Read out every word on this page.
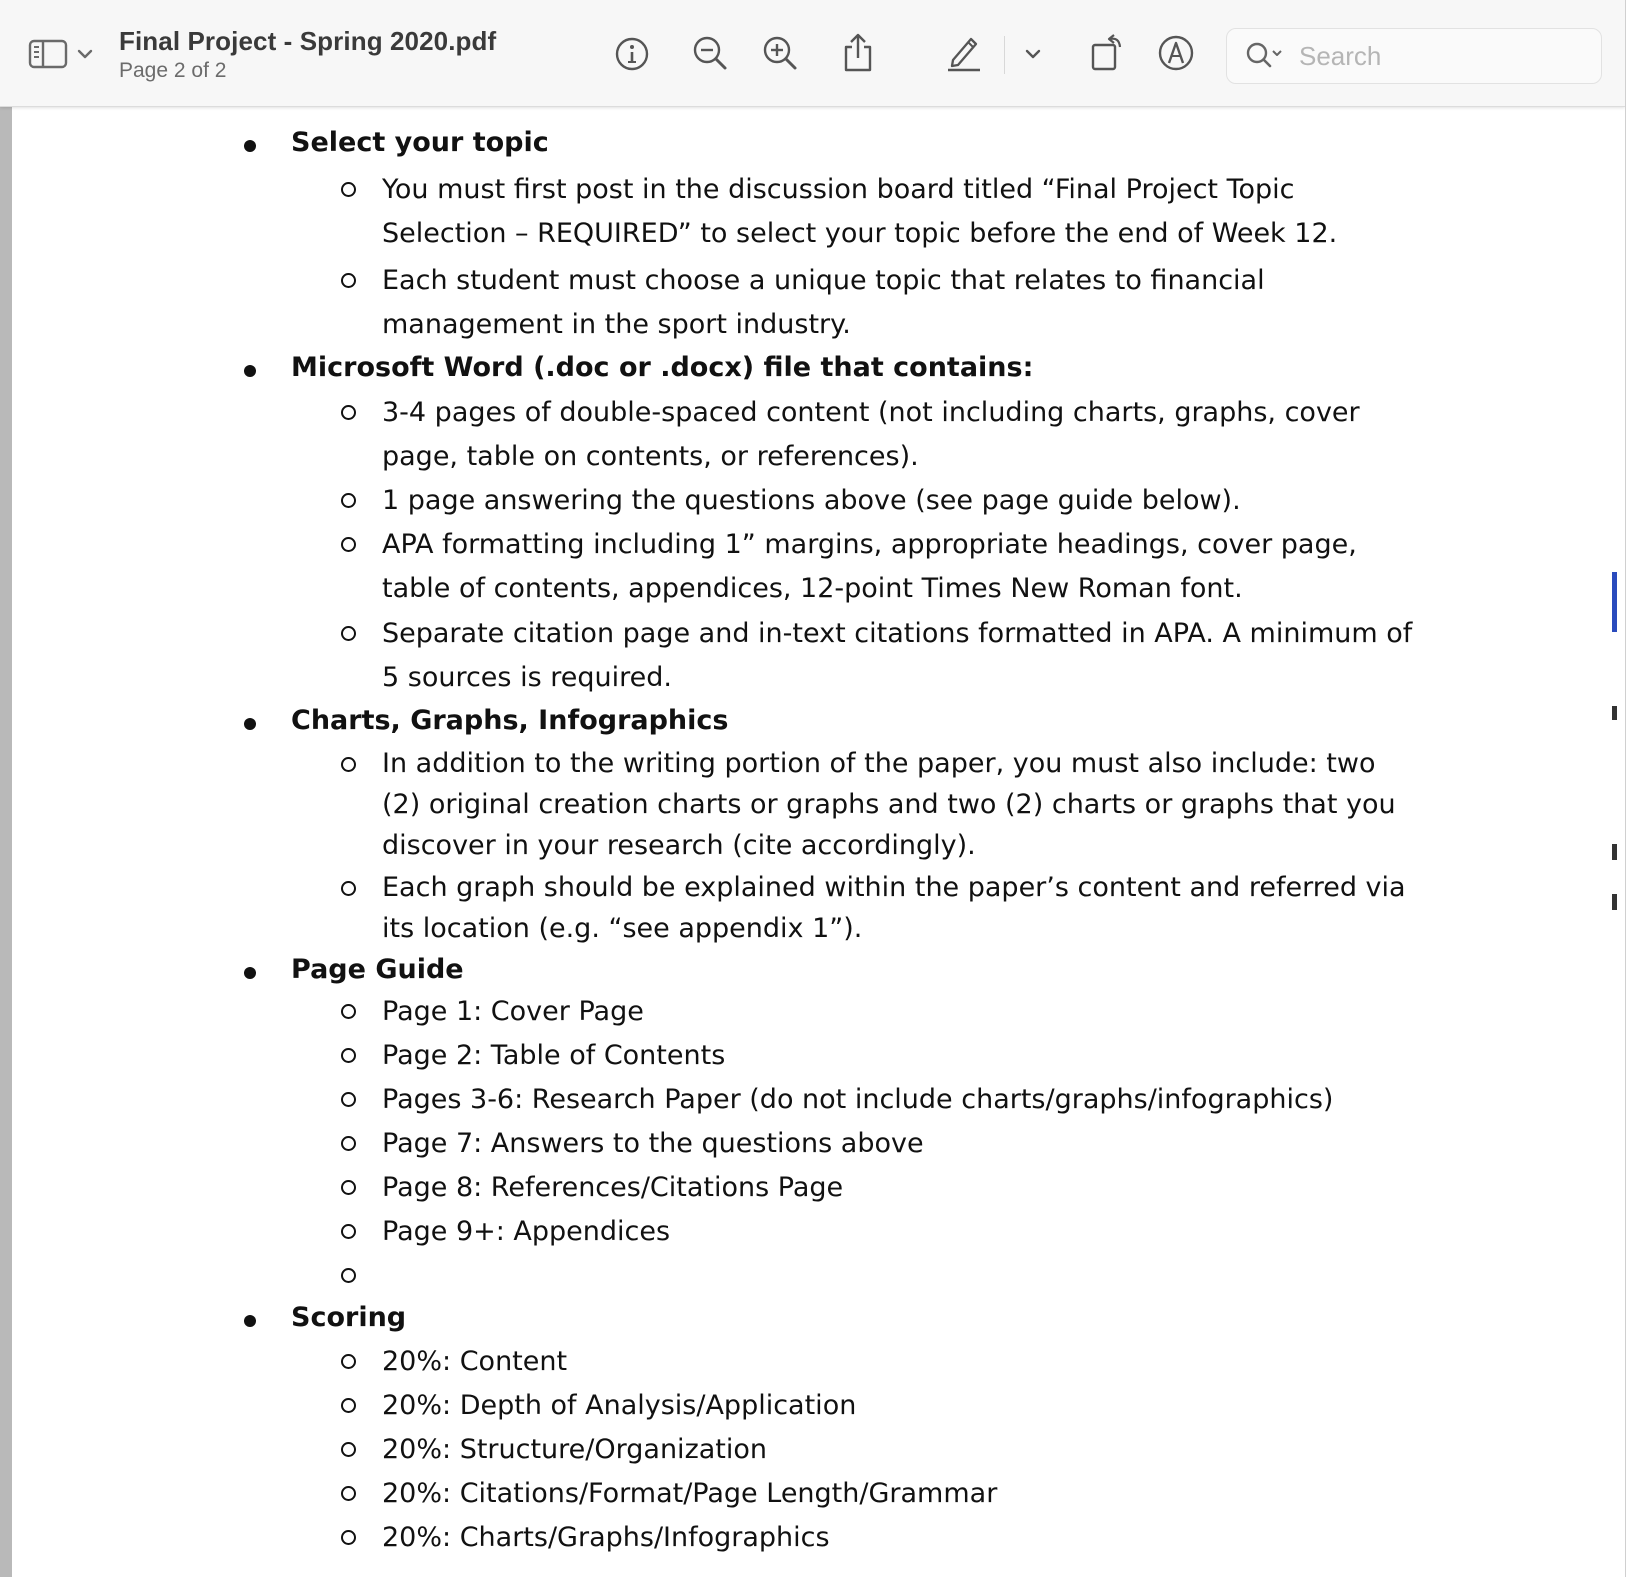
Final Project - Spring 2020.pdf
Page 2 of 2
Search
Select your topic
You must first post in the discussion board titled “Final Project Topic Selection – REQUIRED” to select your topic before the end of Week 12.
Each student must choose a unique topic that relates to financial management in the sport industry.
Microsoft Word (.doc or .docx) file that contains:
3-4 pages of double-spaced content (not including charts, graphs, cover page, table on contents, or references).
1 page answering the questions above (see page guide below).
APA formatting including 1” margins, appropriate headings, cover page, table of contents, appendices, 12-point Times New Roman font.
Separate citation page and in-text citations formatted in APA. A minimum of 5 sources is required.
Charts, Graphs, Infographics
In addition to the writing portion of the paper, you must also include: two (2) original creation charts or graphs and two (2) charts or graphs that you discover in your research (cite accordingly).
Each graph should be explained within the paper’s content and referred via its location (e.g. “see appendix 1”).
Page Guide
Page 1: Cover Page
Page 2: Table of Contents
Pages 3-6: Research Paper (do not include charts/graphs/infographics)
Page 7: Answers to the questions above
Page 8: References/Citations Page
Page 9+: Appendices
Scoring
20%: Content
20%: Depth of Analysis/Application
20%: Structure/Organization
20%: Citations/Format/Page Length/Grammar
20%: Charts/Graphs/Infographics
